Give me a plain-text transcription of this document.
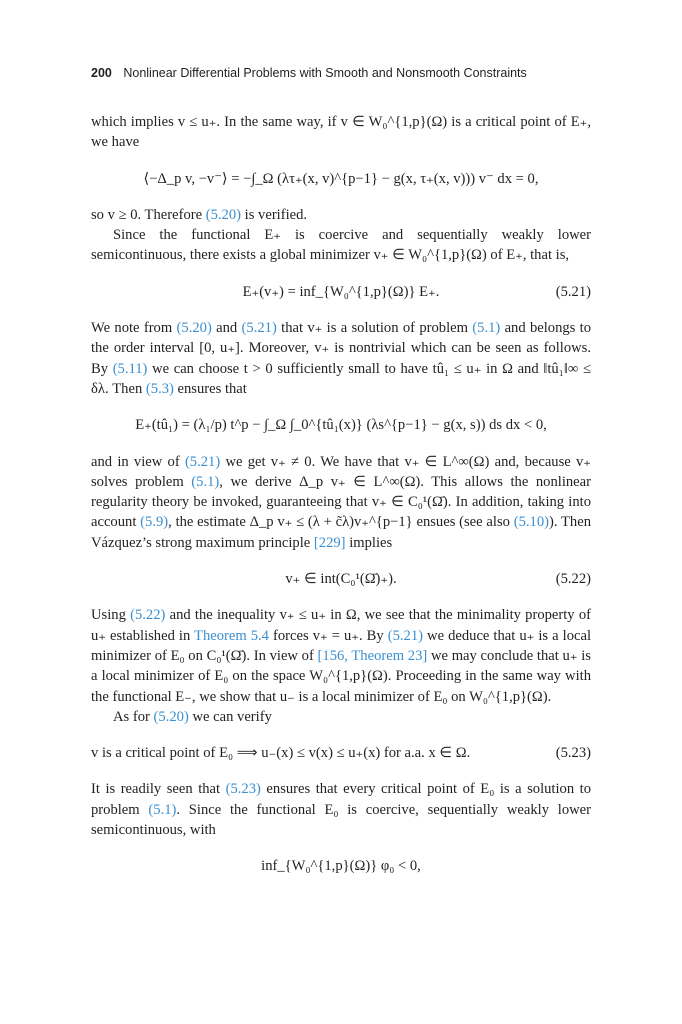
200 Nonlinear Differential Problems with Smooth and Nonsmooth Constraints

which implies v ≤ u₊. In the same way, if v ∈ W₀^{1,p}(Ω) is a critical point of E₊, we have

⟨−Δ_p v, −v⁻⟩ = −∫_Ω (λτ₊(x, v)^{p−1} − g(x, τ₊(x, v))) v⁻ dx = 0,

so v ≥ 0. Therefore (5.20) is verified.

Since the functional E₊ is coercive and sequentially weakly lower semicontinuous, there exists a global minimizer v₊ ∈ W₀^{1,p}(Ω) of E₊, that is,

E₊(v₊) = inf_{W₀^{1,p}(Ω)} E₊.	(5.21)

We note from (5.20) and (5.21) that v₊ is a solution of problem (5.1) and belongs to the order interval [0, u₊]. Moreover, v₊ is nontrivial which can be seen as follows. By (5.11) we can choose t > 0 sufficiently small to have tû₁ ≤ u₊ in Ω and ‖tû₁‖∞ ≤ δλ. Then (5.3) ensures that

E₊(tû₁) = (λ₁/p) t^p − ∫_Ω ∫_0^{tû₁(x)} (λs^{p−1} − g(x, s)) ds dx < 0,

and in view of (5.21) we get v₊ ≠ 0. We have that v₊ ∈ L^∞(Ω) and, because v₊ solves problem (5.1), we derive Δ_p v₊ ∈ L^∞(Ω). This allows the nonlinear regularity theory be invoked, guaranteeing that v₊ ∈ C₀¹(Ω̄). In addition, taking into account (5.9), the estimate Δ_p v₊ ≤ (λ + c̃λ)v₊^{p−1} ensues (see also (5.10)). Then Vázquez’s strong maximum principle [229] implies

v₊ ∈ int(C₀¹(Ω̄)₊).	(5.22)

Using (5.22) and the inequality v₊ ≤ u₊ in Ω, we see that the minimality property of u₊ established in Theorem 5.4 forces v₊ = u₊. By (5.21) we deduce that u₊ is a local minimizer of E₀ on C₀¹(Ω̄). In view of [156, Theorem 23] we may conclude that u₊ is a local minimizer of E₀ on the space W₀^{1,p}(Ω). Proceeding in the same way with the functional E₋, we show that u₋ is a local minimizer of E₀ on W₀^{1,p}(Ω).

As for (5.20) we can verify

v is a critical point of E₀ ⟹ u₋(x) ≤ v(x) ≤ u₊(x) for a.a. x ∈ Ω.	(5.23)

It is readily seen that (5.23) ensures that every critical point of E₀ is a solution to problem (5.1). Since the functional E₀ is coercive, sequentially weakly lower semicontinuous, with

inf_{W₀^{1,p}(Ω)} φ₀ < 0,
